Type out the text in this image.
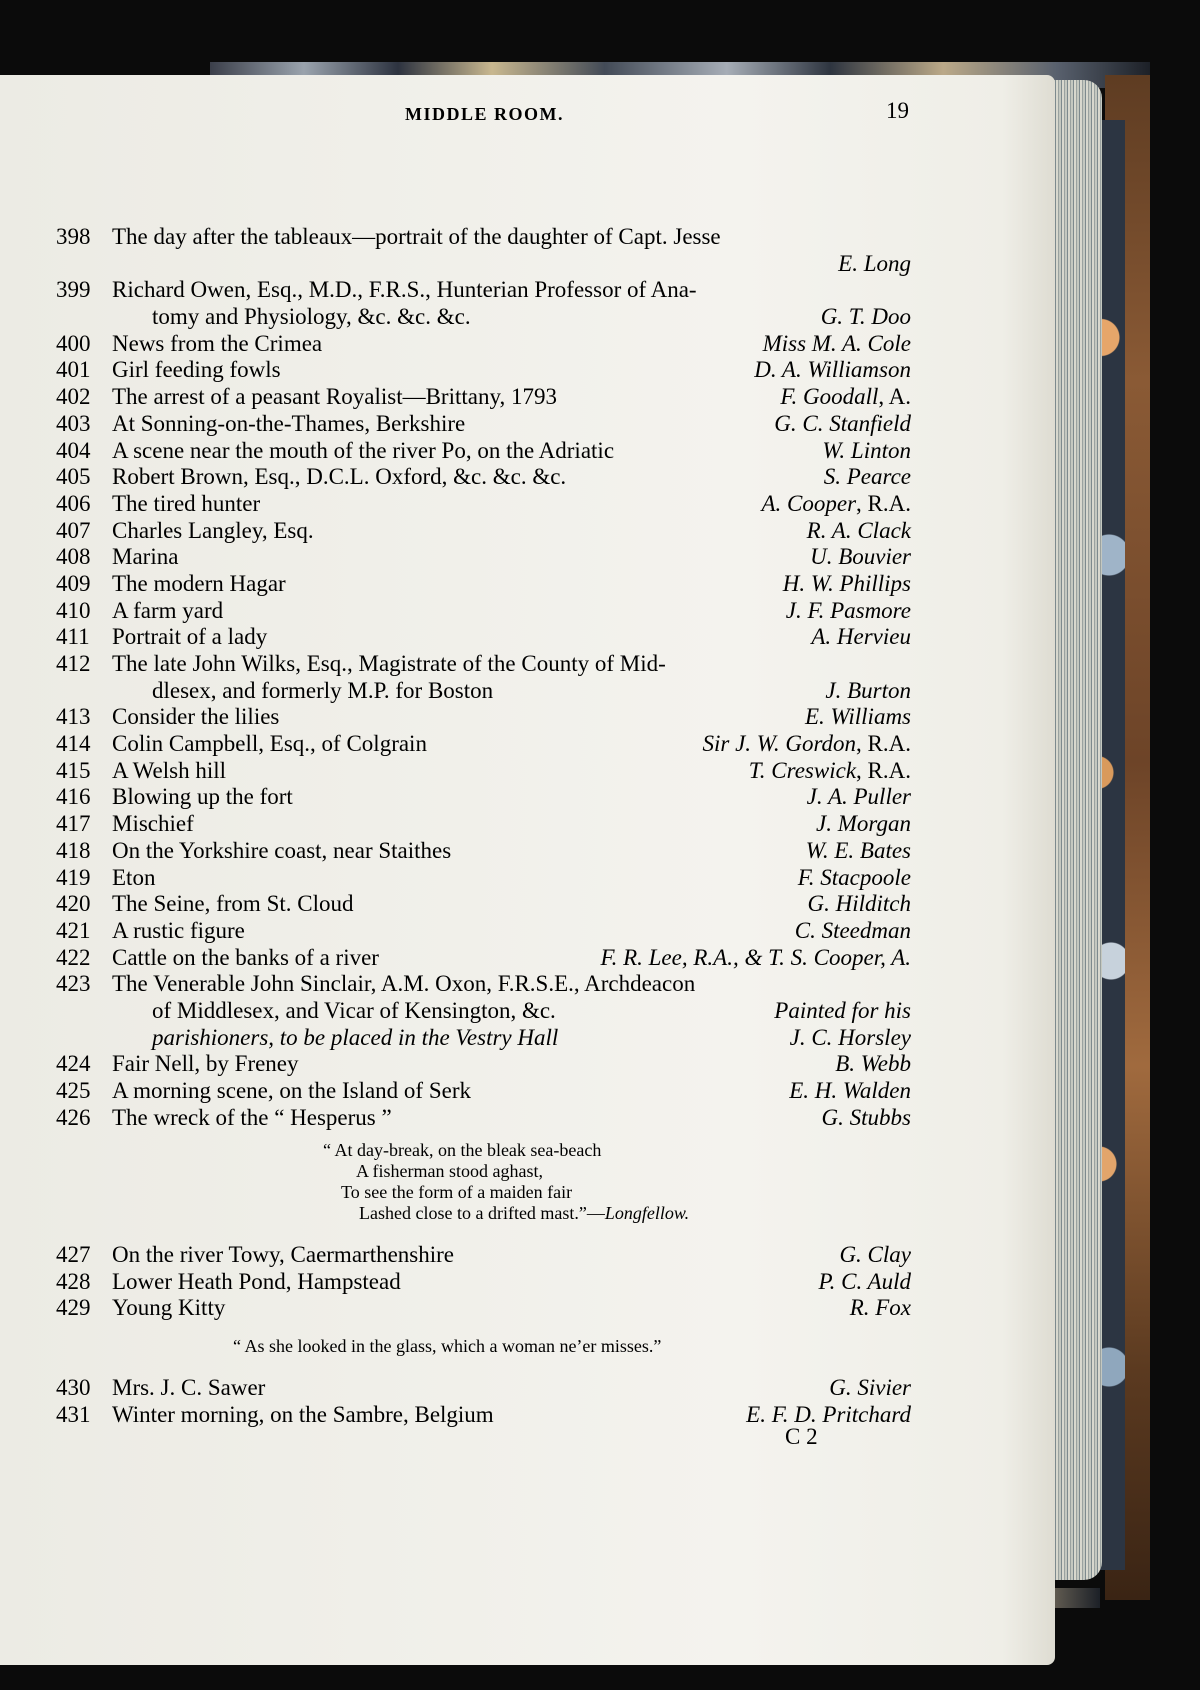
MIDDLE ROOM.	19
398 The day after the tableaux—portrait of the daughter of Capt. Jesse
E. Long
399 Richard Owen, Esq., M.D., F.R.S., Hunterian Professor of Ana-
tomy and Physiology, &c. &c. &c.	G. T. Doo
400 News from the Crimea	Miss M. A. Cole
401 Girl feeding fowls	D. A. Williamson
402 The arrest of a peasant Royalist—Brittany, 1793	F. Goodall, A.
403 At Sonning-on-the-Thames, Berkshire	G. C. Stanfield
404 A scene near the mouth of the river Po, on the Adriatic	W. Linton
405 Robert Brown, Esq., D.C.L. Oxford, &c. &c. &c.	S. Pearce
406 The tired hunter	A. Cooper, R.A.
407 Charles Langley, Esq.	R. A. Clack
408 Marina	U. Bouvier
409 The modern Hagar	H. W. Phillips
410 A farm yard	J. F. Pasmore
411 Portrait of a lady	A. Hervieu
412 The late John Wilks, Esq., Magistrate of the County of Mid-
dlesex, and formerly M.P. for Boston	J. Burton
413 Consider the lilies	E. Williams
414 Colin Campbell, Esq., of Colgrain	Sir J. W. Gordon, R.A.
415 A Welsh hill	T. Creswick, R.A.
416 Blowing up the fort	J. A. Puller
417 Mischief	J. Morgan
418 On the Yorkshire coast, near Staithes	W. E. Bates
419 Eton	F. Stacpoole
420 The Seine, from St. Cloud	G. Hilditch
421 A rustic figure	C. Steedman
422 Cattle on the banks of a river	F. R. Lee, R.A., & T. S. Cooper, A.
423 The Venerable John Sinclair, A.M. Oxon, F.R.S.E., Archdeacon
of Middlesex, and Vicar of Kensington, &c.	Painted for his
parishioners, to be placed in the Vestry Hall	J. C. Horsley
424 Fair Nell, by Freney	B. Webb
425 A morning scene, on the Island of Serk	E. H. Walden
426 The wreck of the “ Hesperus ”	G. Stubbs
“ At day-break, on the bleak sea-beach
A fisherman stood aghast,
To see the form of a maiden fair
Lashed close to a drifted mast.”—Longfellow.
427 On the river Towy, Caermarthenshire	G. Clay
428 Lower Heath Pond, Hampstead	P. C. Auld
429 Young Kitty	R. Fox
“ As she looked in the glass, which a woman ne’er misses.”
430 Mrs. J. C. Sawer	G. Sivier
431 Winter morning, on the Sambre, Belgium	E. F. D. Pritchard
C 2
